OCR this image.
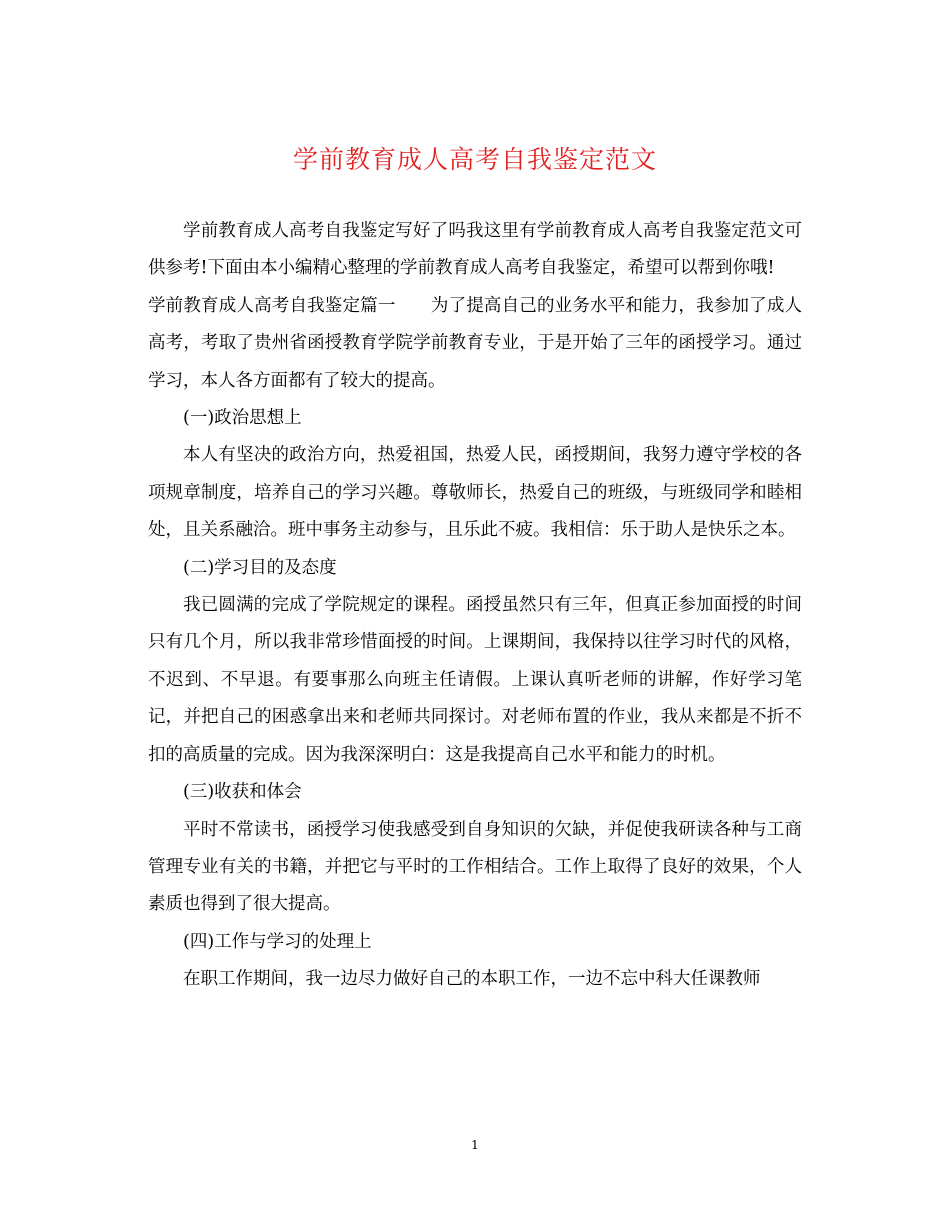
学前教育成人高考自我鉴定范文

学前教育成人高考自我鉴定写好了吗我这里有学前教育成人高考自我鉴定范文可供参考!下面由本小编精心整理的学前教育成人高考自我鉴定，希望可以帮到你哦!

学前教育成人高考自我鉴定篇一　　为了提高自己的业务水平和能力，我参加了成人高考，考取了贵州省函授教育学院学前教育专业，于是开始了三年的函授学习。通过学习，本人各方面都有了较大的提高。

(一)政治思想上

本人有坚决的政治方向，热爱祖国，热爱人民，函授期间，我努力遵守学校的各项规章制度，培养自己的学习兴趣。尊敬师长，热爱自己的班级，与班级同学和睦相处，且关系融洽。班中事务主动参与，且乐此不疲。我相信：乐于助人是快乐之本。

(二)学习目的及态度

我已圆满的完成了学院规定的课程。函授虽然只有三年，但真正参加面授的时间只有几个月，所以我非常珍惜面授的时间。上课期间，我保持以往学习时代的风格，不迟到、不早退。有要事那么向班主任请假。上课认真听老师的讲解，作好学习笔记，并把自己的困惑拿出来和老师共同探讨。对老师布置的作业，我从来都是不折不扣的高质量的完成。因为我深深明白：这是我提高自己水平和能力的时机。

(三)收获和体会

平时不常读书，函授学习使我感受到自身知识的欠缺，并促使我研读各种与工商管理专业有关的书籍，并把它与平时的工作相结合。工作上取得了良好的效果，个人素质也得到了很大提高。

(四)工作与学习的处理上

在职工作期间，我一边尽力做好自己的本职工作，一边不忘中科大任课教师

1
